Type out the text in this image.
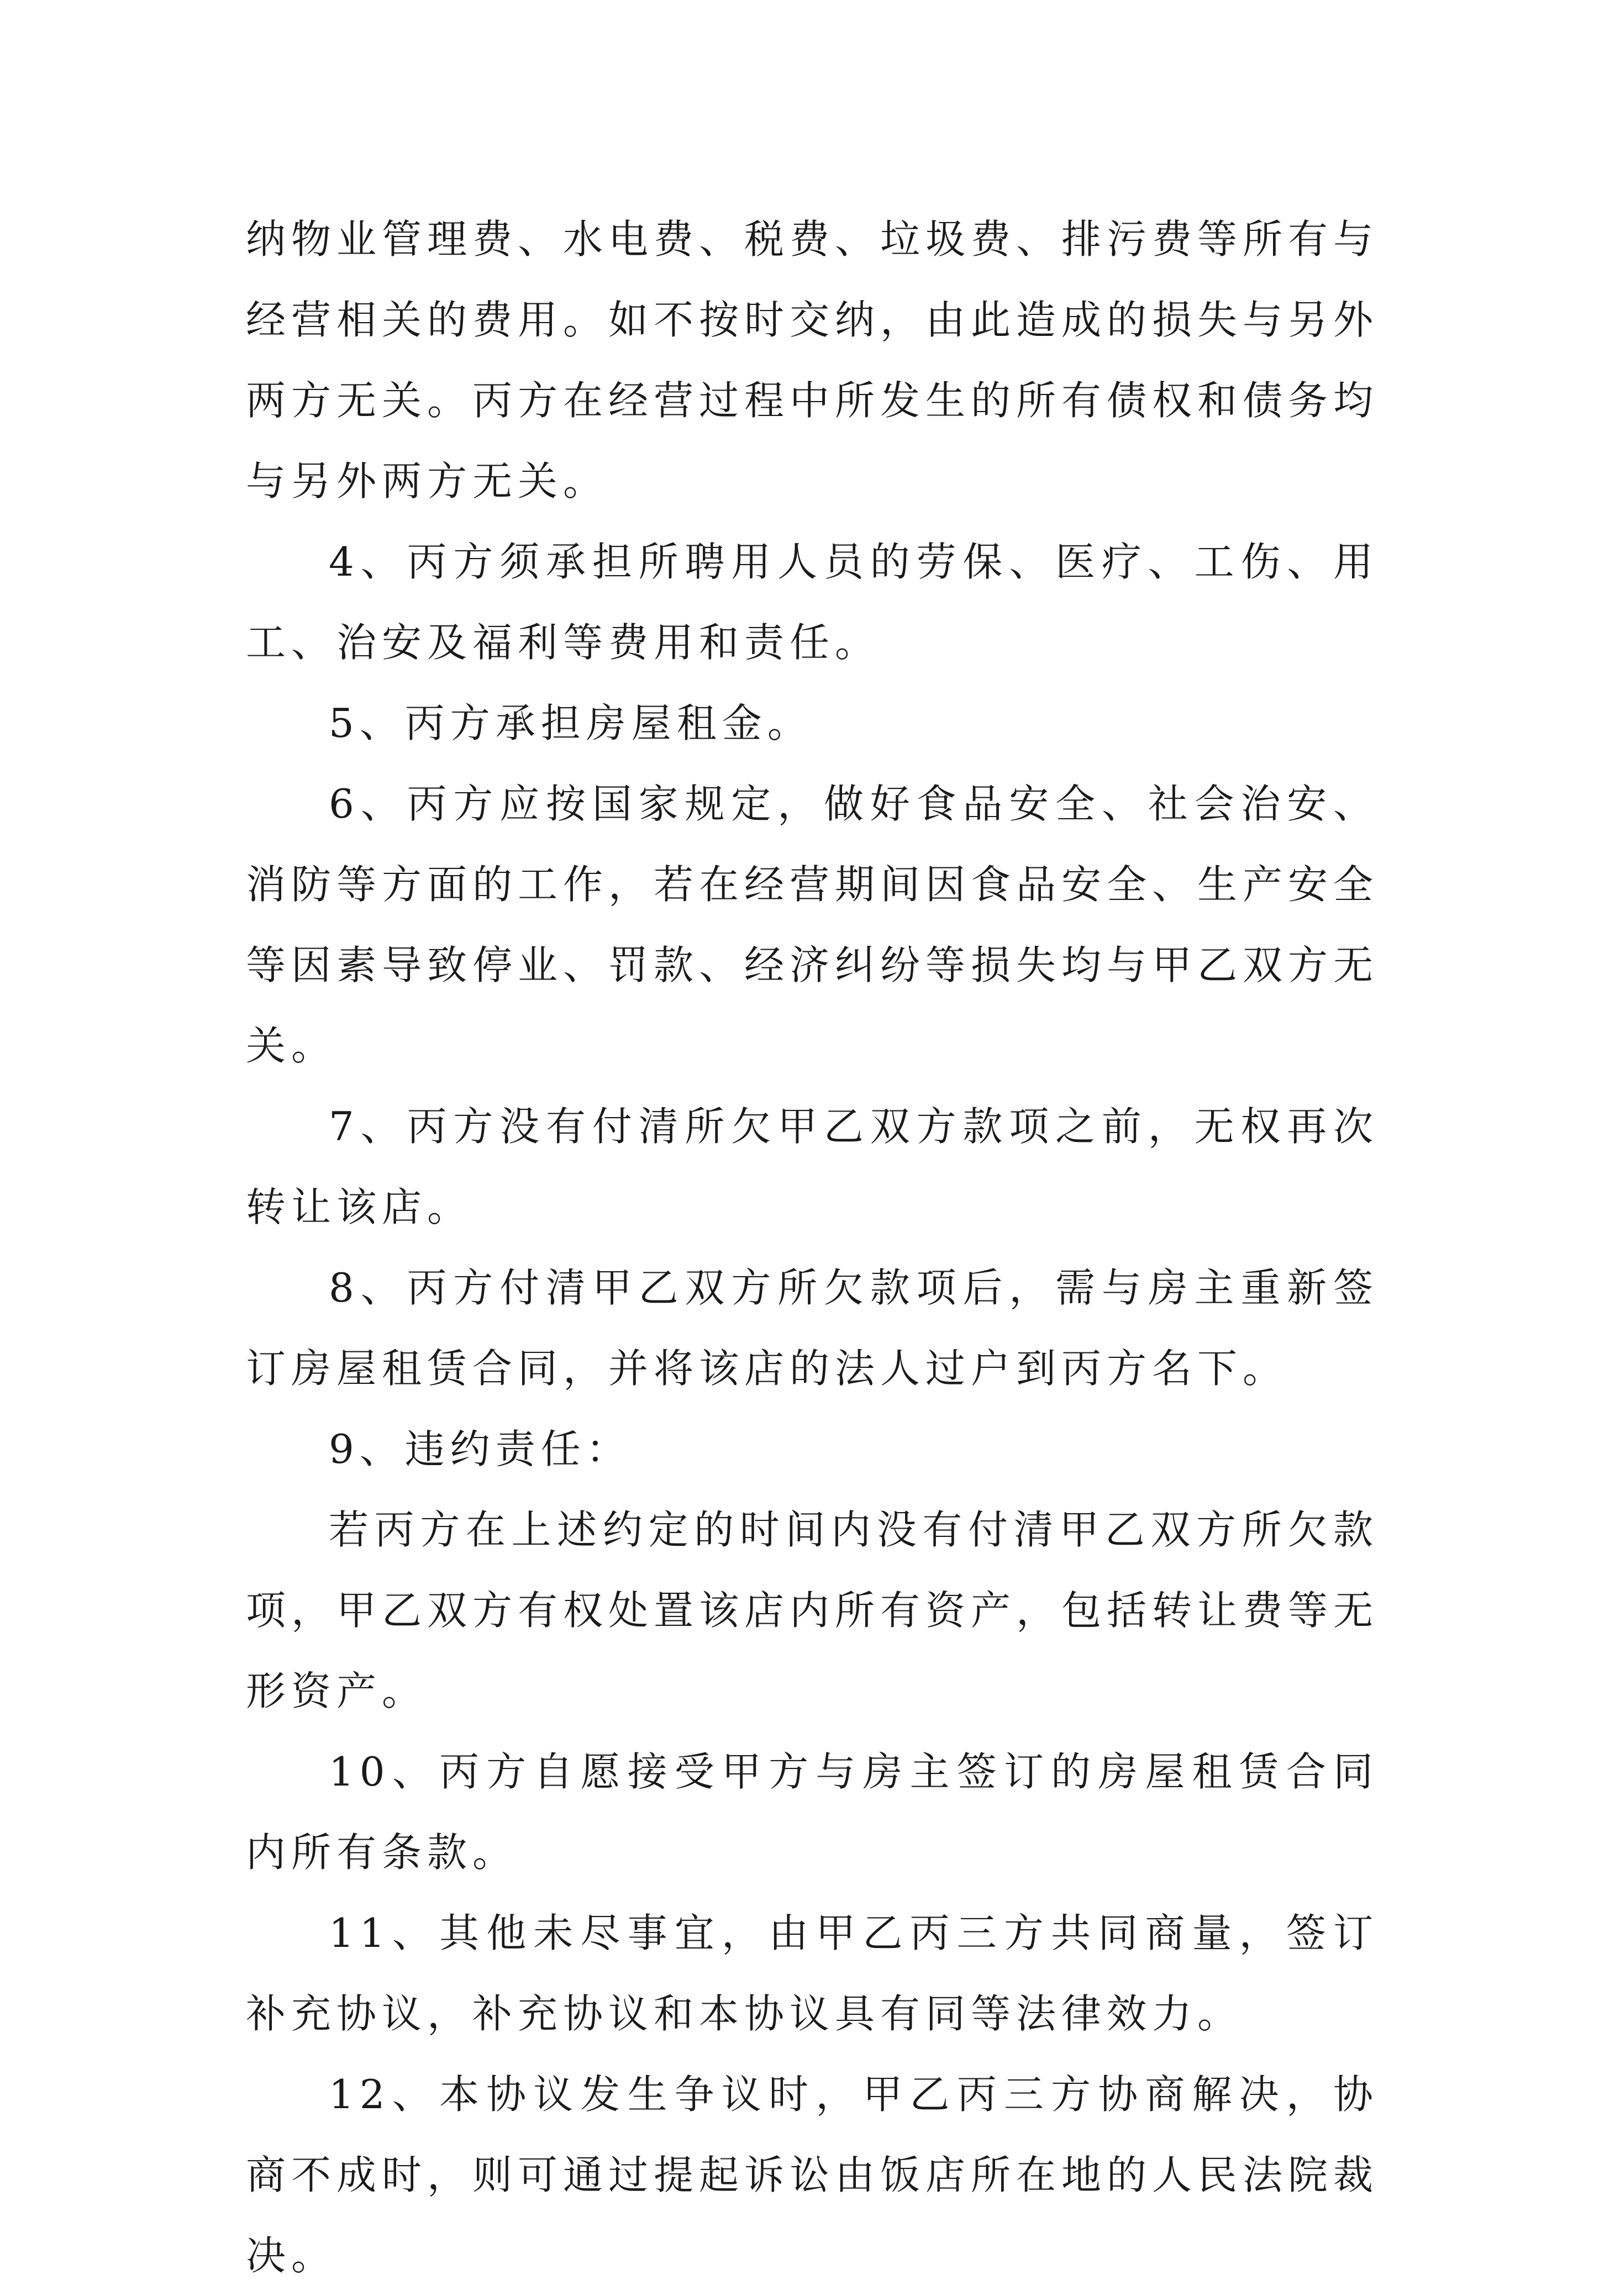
纳物业管理费、水电费、税费、垃圾费、排污费等所有与经营相关的费用。如不按时交纳，由此造成的损失与另外两方无关。丙方在经营过程中所发生的所有债权和债务均与另外两方无关。

4、丙方须承担所聘用人员的劳保、医疗、工伤、用工、治安及福利等费用和责任。

5、丙方承担房屋租金。

6、丙方应按国家规定，做好食品安全、社会治安、消防等方面的工作，若在经营期间因食品安全、生产安全等因素导致停业、罚款、经济纠纷等损失均与甲乙双方无关。

7、丙方没有付清所欠甲乙双方款项之前，无权再次转让该店。

8、丙方付清甲乙双方所欠款项后，需与房主重新签订房屋租赁合同，并将该店的法人过户到丙方名下。

9、违约责任：

若丙方在上述约定的时间内没有付清甲乙双方所欠款项，甲乙双方有权处置该店内所有资产，包括转让费等无形资产。

10、丙方自愿接受甲方与房主签订的房屋租赁合同内所有条款。

11、其他未尽事宜，由甲乙丙三方共同商量，签订补充协议，补充协议和本协议具有同等法律效力。

12、本协议发生争议时，甲乙丙三方协商解决，协商不成时，则可通过提起诉讼由饭店所在地的人民法院裁决。
